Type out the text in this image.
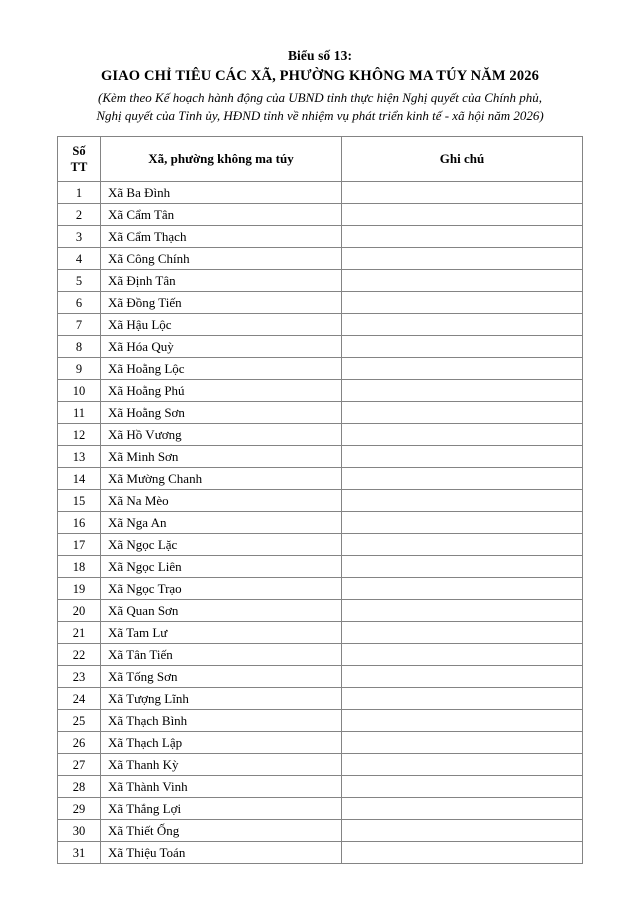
Biểu số 13:
GIAO CHỈ TIÊU CÁC XÃ, PHƯỜNG KHÔNG MA TÚY NĂM 2026
(Kèm theo Kế hoạch hành động của UBND tỉnh thực hiện Nghị quyết của Chính phủ,
Nghị quyết của Tỉnh ủy, HĐND tỉnh về nhiệm vụ phát triển kinh tế - xã hội năm 2026)
Số
TT	Xã, phường không ma túy	Ghi chú
1	Xã Ba Đình	
2	Xã Cẩm Tân	
3	Xã Cẩm Thạch	
4	Xã Công Chính	
5	Xã Định Tân	
6	Xã Đồng Tiến	
7	Xã Hậu Lộc	
8	Xã Hóa Quỳ	
9	Xã Hoằng Lộc	
10	Xã Hoằng Phú	
11	Xã Hoằng Sơn	
12	Xã Hồ Vương	
13	Xã Minh Sơn	
14	Xã Mường Chanh	
15	Xã Na Mèo	
16	Xã Nga An	
17	Xã Ngọc Lặc	
18	Xã Ngọc Liên	
19	Xã Ngọc Trạo	
20	Xã Quan Sơn	
21	Xã Tam Lư	
22	Xã Tân Tiến	
23	Xã Tống Sơn	
24	Xã Tượng Lĩnh	
25	Xã Thạch Bình	
26	Xã Thạch Lập	
27	Xã Thanh Kỳ	
28	Xã Thành Vinh	
29	Xã Thắng Lợi	
30	Xã Thiết Ống	
31	Xã Thiệu Toán	
